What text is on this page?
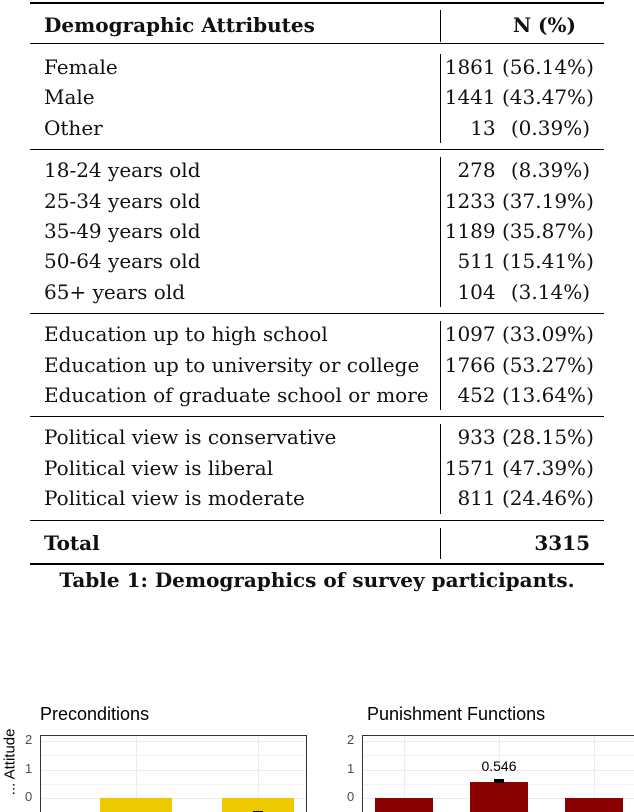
Demographic Attributes	N (%)
Female	1861 (56.14%)
Male	1441 (43.47%)
Other	13 (0.39%)
18-24 years old	278 (8.39%)
25-34 years old	1233 (37.19%)
35-49 years old	1189 (35.87%)
50-64 years old	511 (15.41%)
65+ years old	104 (3.14%)
Education up to high school	1097 (33.09%)
Education up to university or college 1766 (53.27%)
Education of graduate school or more 452 (13.64%)
Political view is conservative	933 (28.15%)
Political view is liberal	1571 (47.39%)
Political view is moderate	811 (24.46%)
Total	3315
Table 1: Demographics of survey participants.
Preconditions
2
1
0
... Attitude
Punishment Functions
0.546
2
1
0
